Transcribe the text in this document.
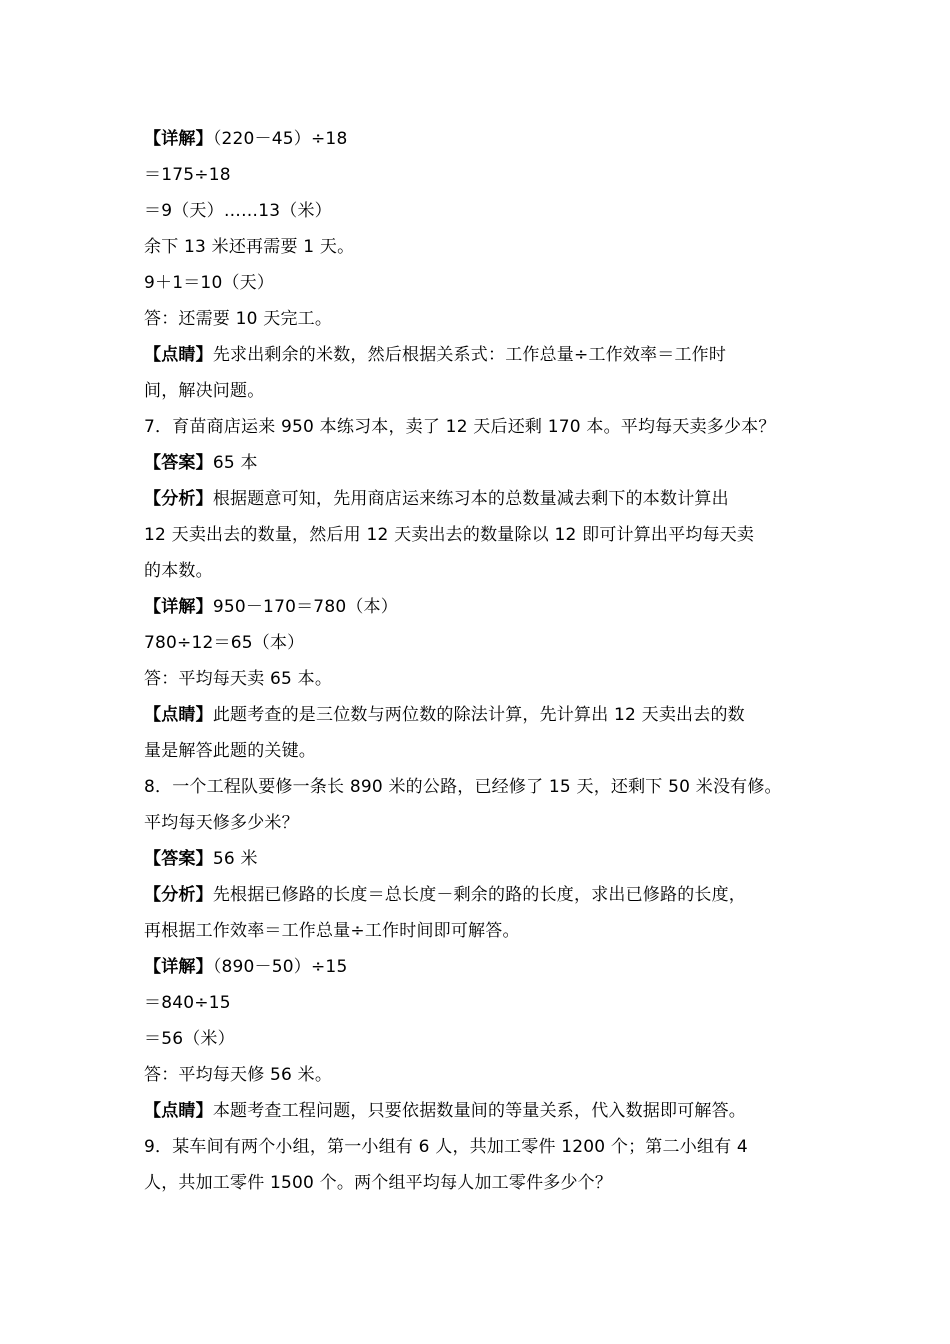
【详解】（220－45）÷18
＝175÷18
＝9（天）……13（米）
余下 13 米还再需要 1 天。
9＋1＝10（天）
答：还需要 10 天完工。
【点睛】先求出剩余的米数，然后根据关系式：工作总量÷工作效率＝工作时
间，解决问题。
7．育苗商店运来 950 本练习本，卖了 12 天后还剩 170 本。平均每天卖多少本？
【答案】65 本
【分析】根据题意可知，先用商店运来练习本的总数量减去剩下的本数计算出
12 天卖出去的数量，然后用 12 天卖出去的数量除以 12 即可计算出平均每天卖
的本数。
【详解】950－170＝780（本）
780÷12＝65（本）
答：平均每天卖 65 本。
【点睛】此题考查的是三位数与两位数的除法计算，先计算出 12 天卖出去的数
量是解答此题的关键。
8．一个工程队要修一条长 890 米的公路，已经修了 15 天，还剩下 50 米没有修。
平均每天修多少米？
【答案】56 米
【分析】先根据已修路的长度＝总长度－剩余的路的长度，求出已修路的长度，
再根据工作效率＝工作总量÷工作时间即可解答。
【详解】（890－50）÷15
＝840÷15
＝56（米）
答：平均每天修 56 米。
【点睛】本题考查工程问题，只要依据数量间的等量关系，代入数据即可解答。
9．某车间有两个小组，第一小组有 6 人，共加工零件 1200 个；第二小组有 4
人，共加工零件 1500 个。两个组平均每人加工零件多少个？
